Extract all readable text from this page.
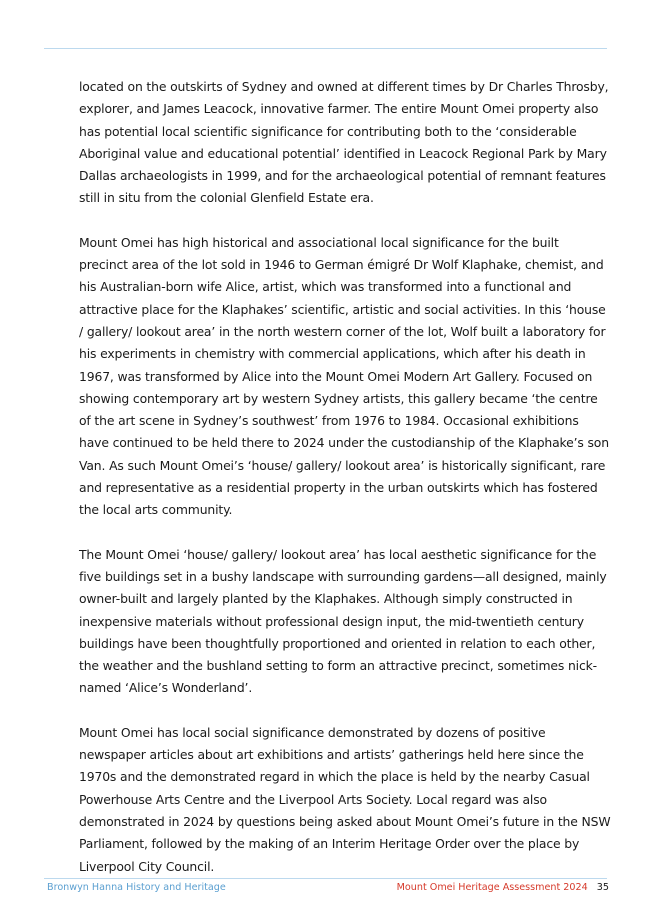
located on the outskirts of Sydney and owned at different times by Dr Charles Throsby, explorer, and James Leacock, innovative farmer. The entire Mount Omei property also has potential local scientific significance for contributing both to the ‘considerable Aboriginal value and educational potential’ identified in Leacock Regional Park by Mary Dallas archaeologists in 1999, and for the archaeological potential of remnant features still in situ from the colonial Glenfield Estate era.

Mount Omei has high historical and associational local significance for the built precinct area of the lot sold in 1946 to German émigré Dr Wolf Klaphake, chemist, and his Australian-born wife Alice, artist, which was transformed into a functional and attractive place for the Klaphakes’ scientific, artistic and social activities. In this ‘house / gallery/ lookout area’ in the north western corner of the lot, Wolf built a laboratory for his experiments in chemistry with commercial applications, which after his death in 1967, was transformed by Alice into the Mount Omei Modern Art Gallery. Focused on showing contemporary art by western Sydney artists, this gallery became ‘the centre of the art scene in Sydney’s southwest’ from 1976 to 1984. Occasional exhibitions have continued to be held there to 2024 under the custodianship of the Klaphake’s son Van. As such Mount Omei’s ‘house/ gallery/ lookout area’ is historically significant, rare and representative as a residential property in the urban outskirts which has fostered the local arts community.

The Mount Omei ‘house/ gallery/ lookout area’ has local aesthetic significance for the five buildings set in a bushy landscape with surrounding gardens—all designed, mainly owner-built and largely planted by the Klaphakes. Although simply constructed in inexpensive materials without professional design input, the mid-twentieth century buildings have been thoughtfully proportioned and oriented in relation to each other, the weather and the bushland setting to form an attractive precinct, sometimes nick-named ‘Alice’s Wonderland’.

Mount Omei has local social significance demonstrated by dozens of positive newspaper articles about art exhibitions and artists’ gatherings held here since the 1970s and the demonstrated regard in which the place is held by the nearby Casual Powerhouse Arts Centre and the Liverpool Arts Society. Local regard was also demonstrated in 2024 by questions being asked about Mount Omei’s future in the NSW Parliament, followed by the making of an Interim Heritage Order over the place by Liverpool City Council.

Bronwyn Hanna History and Heritage	Mount Omei Heritage Assessment 2024 35
